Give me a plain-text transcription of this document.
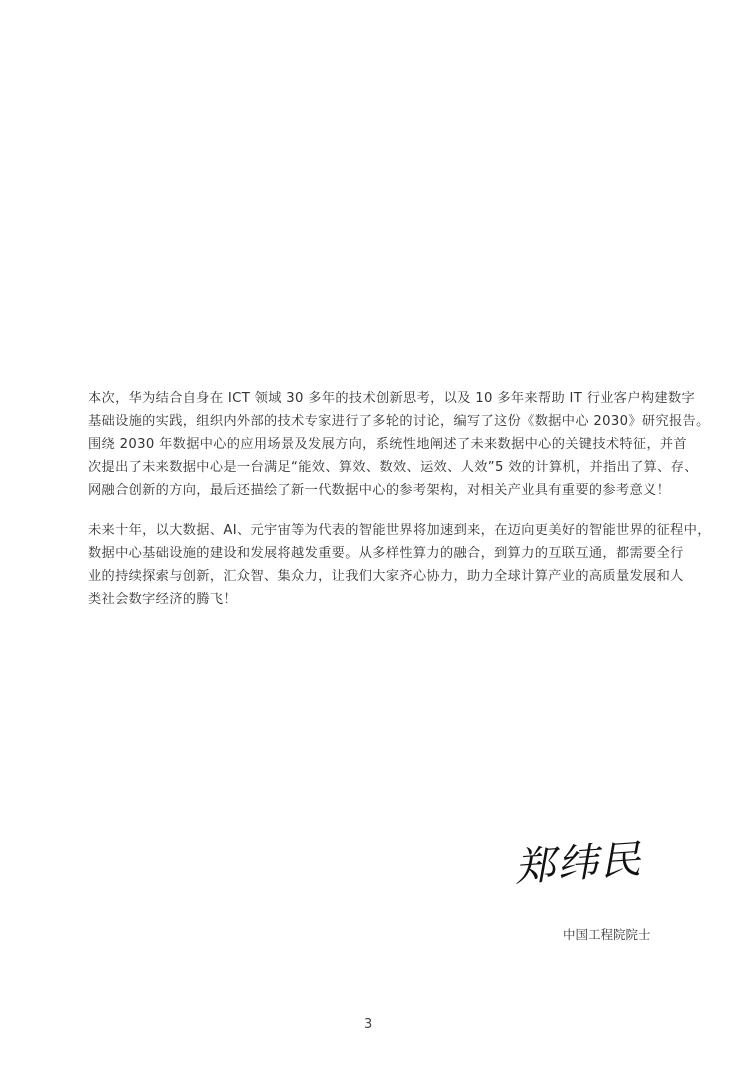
本次，华为结合自身在 ICT 领域 30 多年的技术创新思考，以及 10 多年来帮助 IT 行业客户构建数字
基础设施的实践，组织内外部的技术专家进行了多轮的讨论，编写了这份《数据中心 2030》研究报告。
围绕 2030 年数据中心的应用场景及发展方向，系统性地阐述了未来数据中心的关键技术特征，并首
次提出了未来数据中心是一台满足“能效、算效、数效、运效、人效”5 效的计算机，并指出了算、存、
网融合创新的方向，最后还描绘了新一代数据中心的参考架构，对相关产业具有重要的参考意义！
未来十年，以大数据、AI、元宇宙等为代表的智能世界将加速到来，在迈向更美好的智能世界的征程中，
数据中心基础设施的建设和发展将越发重要。从多样性算力的融合，到算力的互联互通，都需要全行
业的持续探索与创新，汇众智、集众力，让我们大家齐心协力，助力全球计算产业的高质量发展和人
类社会数字经济的腾飞！
郑纬民
中国工程院院士
3
